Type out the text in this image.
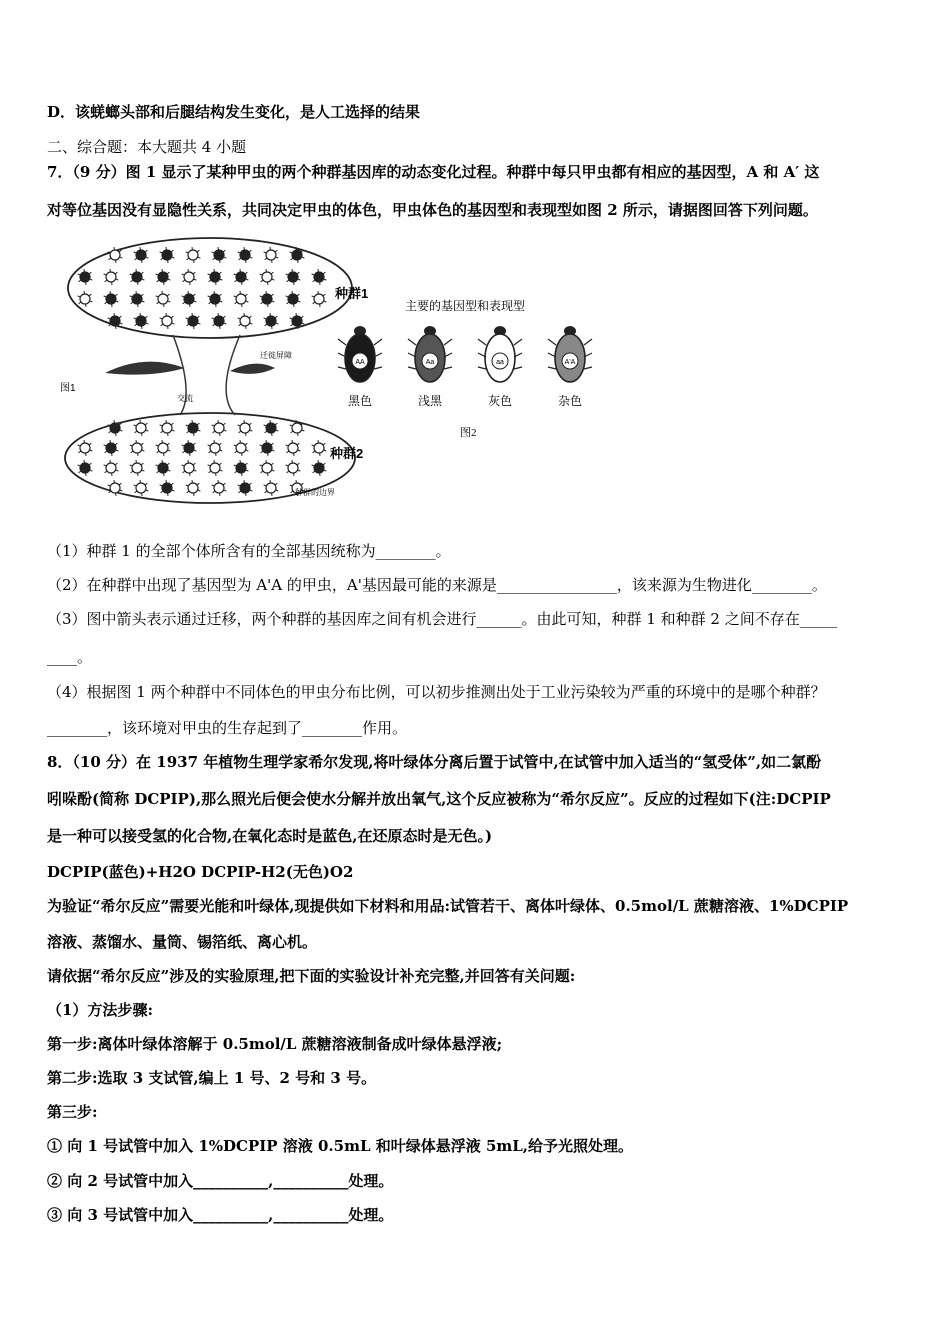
D．该蜣螂头部和后腿结构发生变化，是人工选择的结果
二、综合题：本大题共 4 小题
7．（9 分）图 1 显示了某种甲虫的两个种群基因库的动态变化过程。种群中每只甲虫都有相应的基因型，A 和 A′ 这
对等位基因没有显隐性关系，共同决定甲虫的体色，甲虫体色的基因型和表现型如图 2 所示，请据图回答下列问题。
种群1
种群2
迁徙屏障
交流
种群的边界
图1
主要的基因型和表现型
AA
黑色
Aa
浅黑
aa
灰色
A'A
杂色
图2
（1）种群 1 的全部个体所含有的全部基因统称为________。
（2）在种群中出现了基因型为 A'A 的甲虫，A'基因最可能的来源是________________，该来源为生物进化________。
（3）图中箭头表示通过迁移，两个种群的基因库之间有机会进行______。由此可知，种群 1 和种群 2 之间不存在_____
____。
（4）根据图 1 两个种群中不同体色的甲虫分布比例，可以初步推测出处于工业污染较为严重的环境中的是哪个种群？
________，该环境对甲虫的生存起到了________作用。
8．（10 分）在 1937 年植物生理学家希尔发现,将叶绿体分离后置于试管中,在试管中加入适当的“氢受体”,如二氯酚
吲哚酚(简称 DCPIP),那么照光后便会使水分解并放出氧气,这个反应被称为“希尔反应”。反应的过程如下(注:DCPIP
是一种可以接受氢的化合物,在氧化态时是蓝色,在还原态时是无色。)
DCPIP(蓝色)+H2O DCPIP-H2(无色)O2
为验证“希尔反应”需要光能和叶绿体,现提供如下材料和用品:试管若干、离体叶绿体、0.5mol/L 蔗糖溶液、1%DCPIP
溶液、蒸馏水、量筒、锡箔纸、离心机。
请依据“希尔反应”涉及的实验原理,把下面的实验设计补充完整,并回答有关问题:
（1）方法步骤:
第一步:离体叶绿体溶解于 0.5mol/L 蔗糖溶液制备成叶绿体悬浮液;
第二步:选取 3 支试管,编上 1 号、2 号和 3 号。
第三步:
① 向 1 号试管中加入 1%DCPIP 溶液 0.5mL 和叶绿体悬浮液 5mL,给予光照处理。
② 向 2 号试管中加入__________,__________处理。
③ 向 3 号试管中加入__________,__________处理。
